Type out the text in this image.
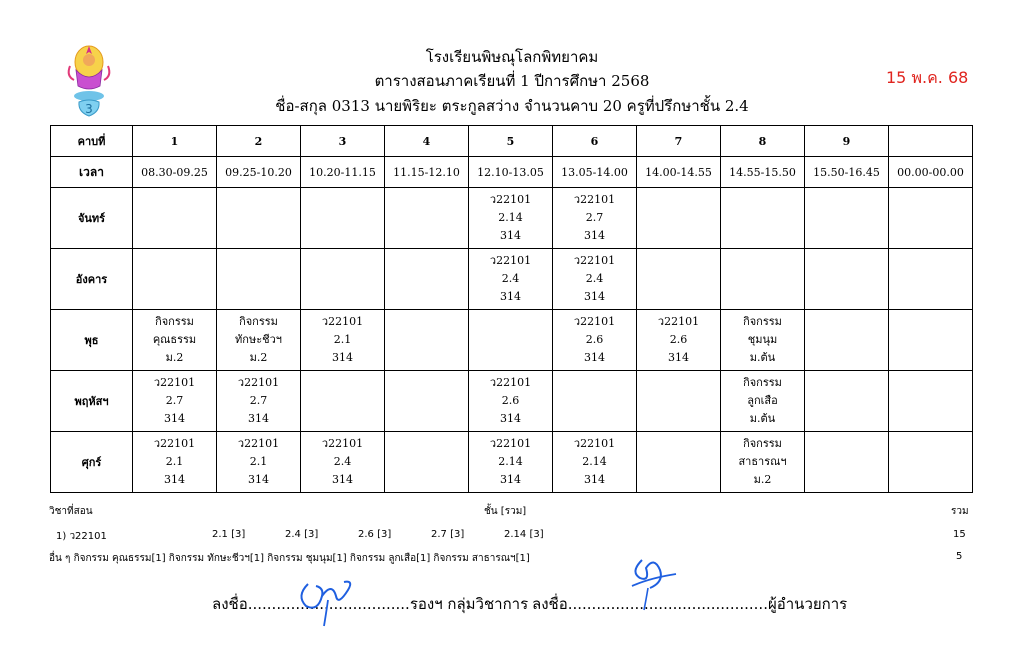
3
โรงเรียนพิษณุโลกพิทยาคม
ตารางสอนภาคเรียนที่ 1 ปีการศึกษา 2568
ชื่อ-สกุล 0313 นายพิริยะ ตระกูลสว่าง จำนวนคาบ 20 ครูที่ปรึกษาชั้น 2.4
15 พ.ค. 68
คาบที่	1	2	3	4	5	6	7	8	9	
เวลา	08.30-09.25	09.25-10.20	10.20-11.15	11.15-12.10	12.10-13.05	13.05-14.00	14.00-14.55	14.55-15.50	15.50-16.45	00.00-00.00
จันทร์					ว22101
2.14
314	ว22101
2.7
314				

อังคาร					ว22101
2.4
314	ว22101
2.4
314				

พุธ	กิจกรรม
คุณธรรม
ม.2	กิจกรรม
ทักษะชีวฯ
ม.2	ว22101
2.1
314			ว22101
2.6
314	ว22101
2.6
314	กิจกรรม
ชุมนุม
ม.ต้น		

พฤหัสฯ	ว22101
2.7
314	ว22101
2.7
314			ว22101
2.6
314			กิจกรรม
ลูกเสือ
ม.ต้น		

ศุกร์	ว22101
2.1
314	ว22101
2.1
314	ว22101
2.4
314		ว22101
2.14
314	ว22101
2.14
314		กิจกรรม
สาธารณฯ
ม.2		

วิชาที่สอน	ชั้น [รวม]	รวม
1) ว22101	2.1 [3]	2.4 [3]	2.6 [3]	2.7 [3]	2.14 [3]	15
อื่น ๆ กิจกรรม คุณธรรม[1] กิจกรรม ทักษะชีวฯ[1] กิจกรรม ชุมนุม[1] กิจกรรม ลูกเสือ[1] กิจกรรม สาธารณฯ[1]	5
ลงชื่อ..................................รองฯ กลุ่มวิชาการ ลงชื่อ..........................................ผู้อำนวยการ
